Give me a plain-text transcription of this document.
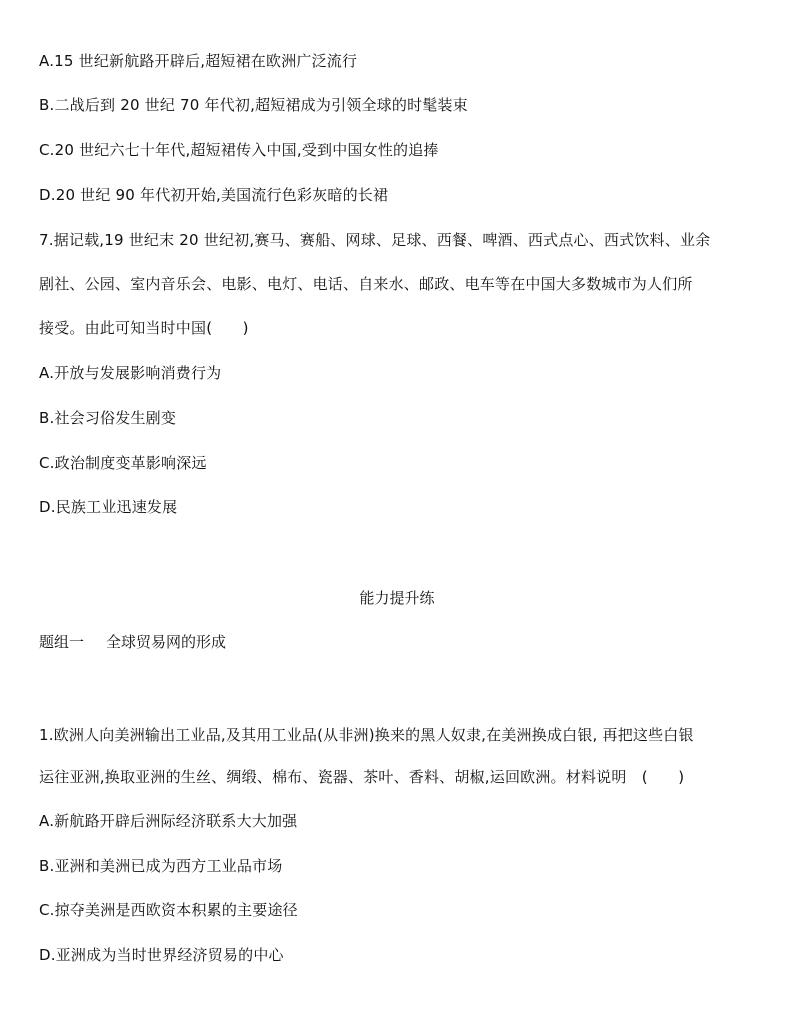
A.15 世纪新航路开辟后,超短裙在欧洲广泛流行
B.二战后到 20 世纪 70 年代初,超短裙成为引领全球的时髦装束
C.20 世纪六七十年代,超短裙传入中国,受到中国女性的追捧
D.20 世纪 90 年代初开始,美国流行色彩灰暗的长裙
7.据记载,19 世纪末 20 世纪初,赛马、赛船、网球、足球、西餐、啤酒、西式点心、西式饮料、业余
剧社、公园、室内音乐会、电影、电灯、电话、自来水、邮政、电车等在中国大多数城市为人们所
接受。由此可知当时中国(　　)
A.开放与发展影响消费行为
B.社会习俗发生剧变
C.政治制度变革影响深远
D.民族工业迅速发展
能力提升练
题组一 全球贸易网的形成
1.欧洲人向美洲输出工业品,及其用工业品(从非洲)换来的黑人奴隶,在美洲换成白银, 再把这些白银
运往亚洲,换取亚洲的生丝、绸缎、棉布、瓷器、茶叶、香料、胡椒,运回欧洲。材料说明　(　　)
A.新航路开辟后洲际经济联系大大加强
B.亚洲和美洲已成为西方工业品市场
C.掠夺美洲是西欧资本积累的主要途径
D.亚洲成为当时世界经济贸易的中心
